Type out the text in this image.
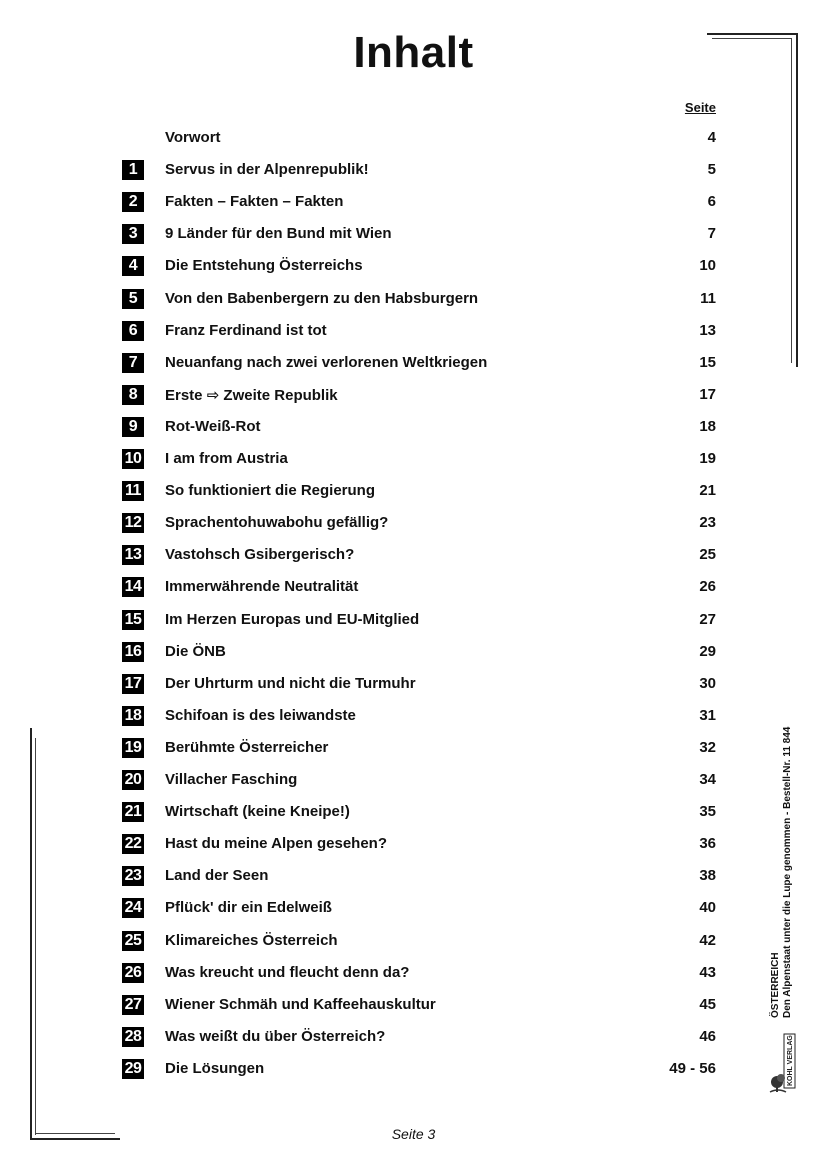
Inhalt
Seite
Vorwort	4
1	Servus in der Alpenrepublik!	5
2	Fakten – Fakten – Fakten	6
3	9 Länder für den Bund mit Wien	7
4	Die Entstehung Österreichs	10
5	Von den Babenbergern zu den Habsburgern	11
6	Franz Ferdinand ist tot	13
7	Neuanfang nach zwei verlorenen Weltkriegen	15
8	Erste ⇨ Zweite Republik	17
9	Rot-Weiß-Rot	18
10 I am from Austria	19
11 So funktioniert die Regierung	21
12 Sprachentohuwabohu gefällig?	23
13 Vastohsch Gsibergerisch?	25
14 Immerwährende Neutralität	26
15 Im Herzen Europas und EU-Mitglied	27
16 Die ÖNB	29
17 Der Uhrturm und nicht die Turmuhr	30
18 Schifoan is des leiwandste	31
19 Berühmte Österreicher	32
20 Villacher Fasching	34
21 Wirtschaft (keine Kneipe!)	35
22 Hast du meine Alpen gesehen?	36
23 Land der Seen	38
24 Pflück' dir ein Edelweiß	40
25 Klimareiches Österreich	42
26 Was kreucht und fleucht denn da?	43
27 Wiener Schmäh und Kaffeehauskultur	45
28 Was weißt du über Österreich?	46
29 Die Lösungen	49 - 56
ÖSTERREICH Den Alpenstaat unter die Lupe genommen - Bestell-Nr. 11 844
KOHL VERLAG
Seite 3
